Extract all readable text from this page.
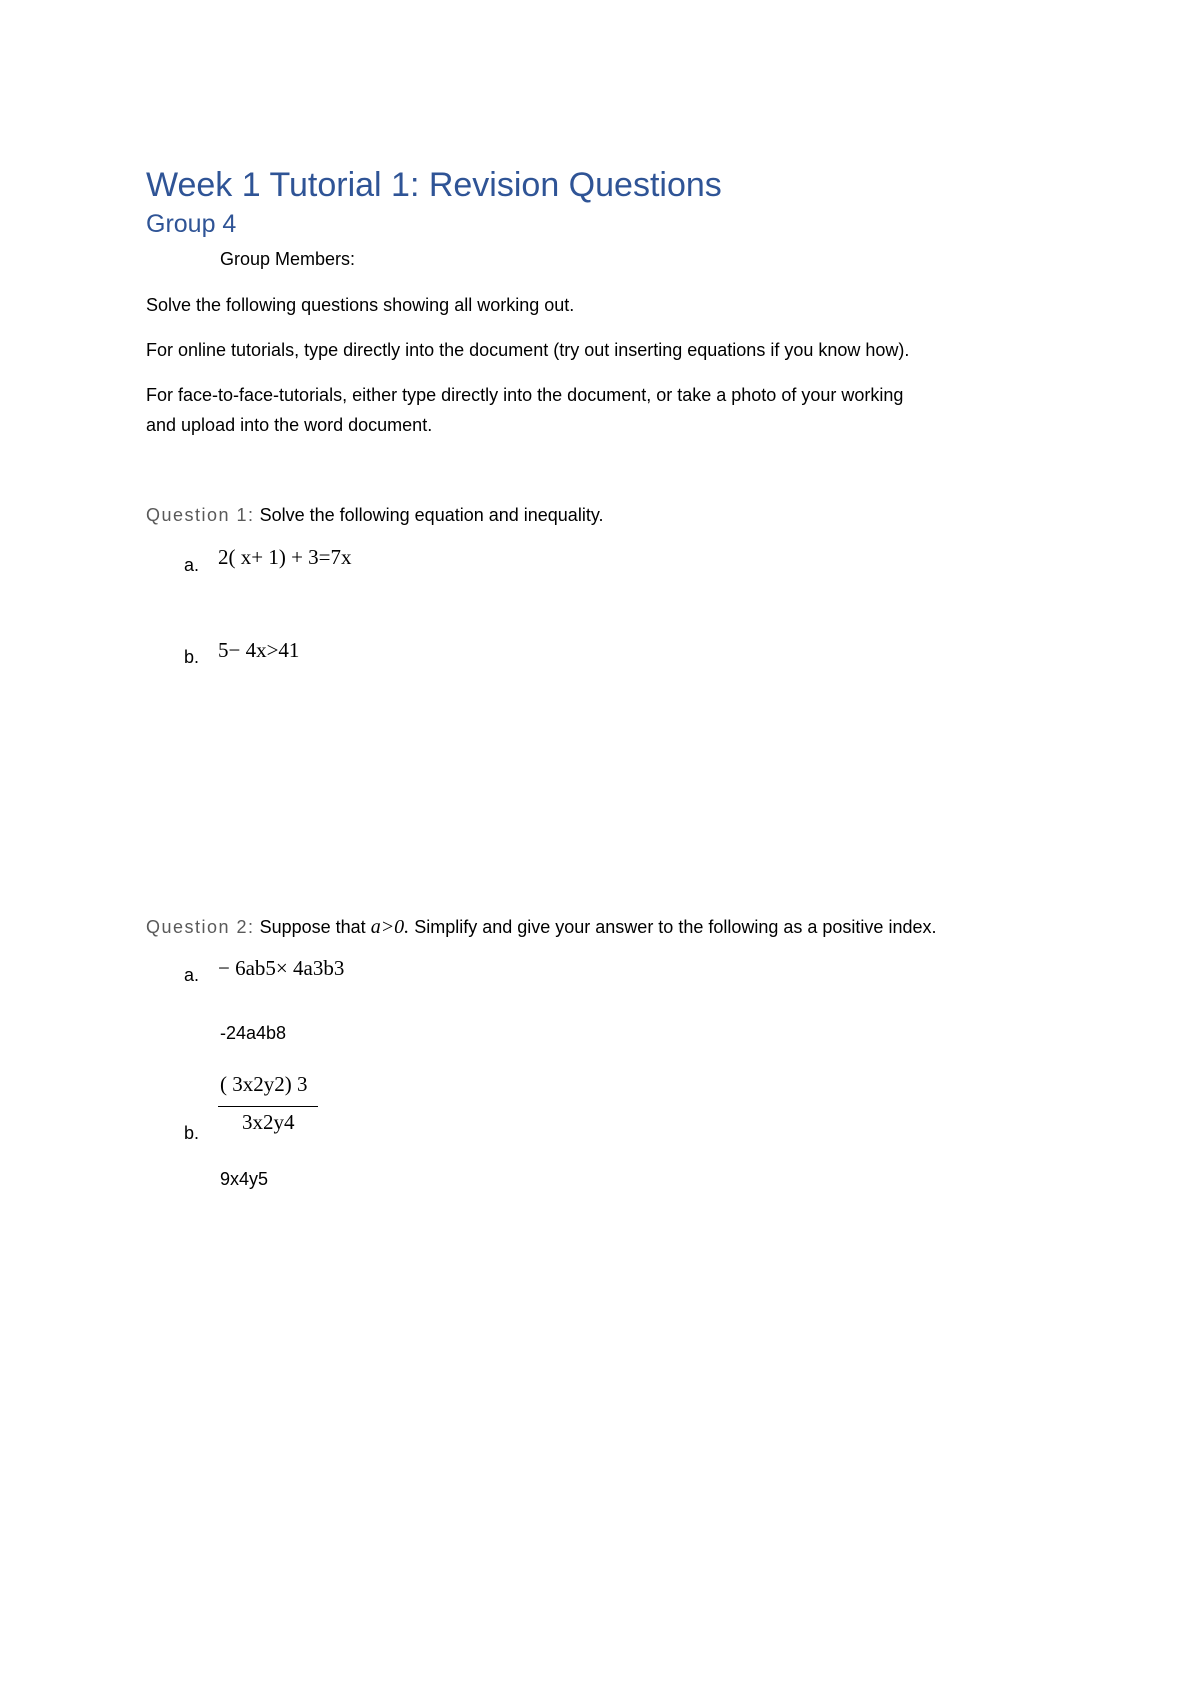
Week 1 Tutorial 1: Revision Questions
Group 4
Group Members:
Solve the following questions showing all working out.
For online tutorials, type directly into the document (try out inserting equations if you know how).
For face-to-face-tutorials, either type directly into the document, or take a photo of your working
and upload into the word document.
Question 1: Solve the following equation and inequality.
a. 2( x+ 1) + 3=7x
b. 5− 4x>41
Question 2: Suppose that a>0. Simplify and give your answer to the following as a positive index.
a. − 6ab5× 4a3b3
-24a4b8
b.
( 3x2y2) 3
3x2y4
9x4y5
